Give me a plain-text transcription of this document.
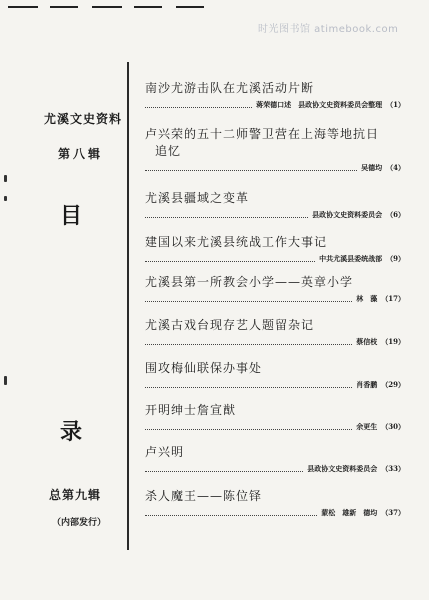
时光图书馆 atimebook.com
尤溪文史资料
第八辑
目
录
总第九辑
（内部发行）
南沙尤游击队在尤溪活动片断
蒋荣德口述　县政协文史资料委员会整理 （1）
卢兴荣的五十二师警卫营在上海等地抗日
追忆
吴德均 （4）
尤溪县疆域之变革
县政协文史资料委员会 （6）
建国以来尤溪县统战工作大事记
中共尤溪县委统战部 （9）
尤溪县第一所教会小学——英章小学
林　藻 （17）
尤溪古戏台现存艺人题留杂记
蔡信枝 （19）
围攻梅仙联保办事处
肖香鹏 （29）
开明绅士詹宣猷
余更生 （30）
卢兴明
县政协文史资料委员会 （33）
杀人魔王——陈位铎
蒙松　雄新　德均 （37）
